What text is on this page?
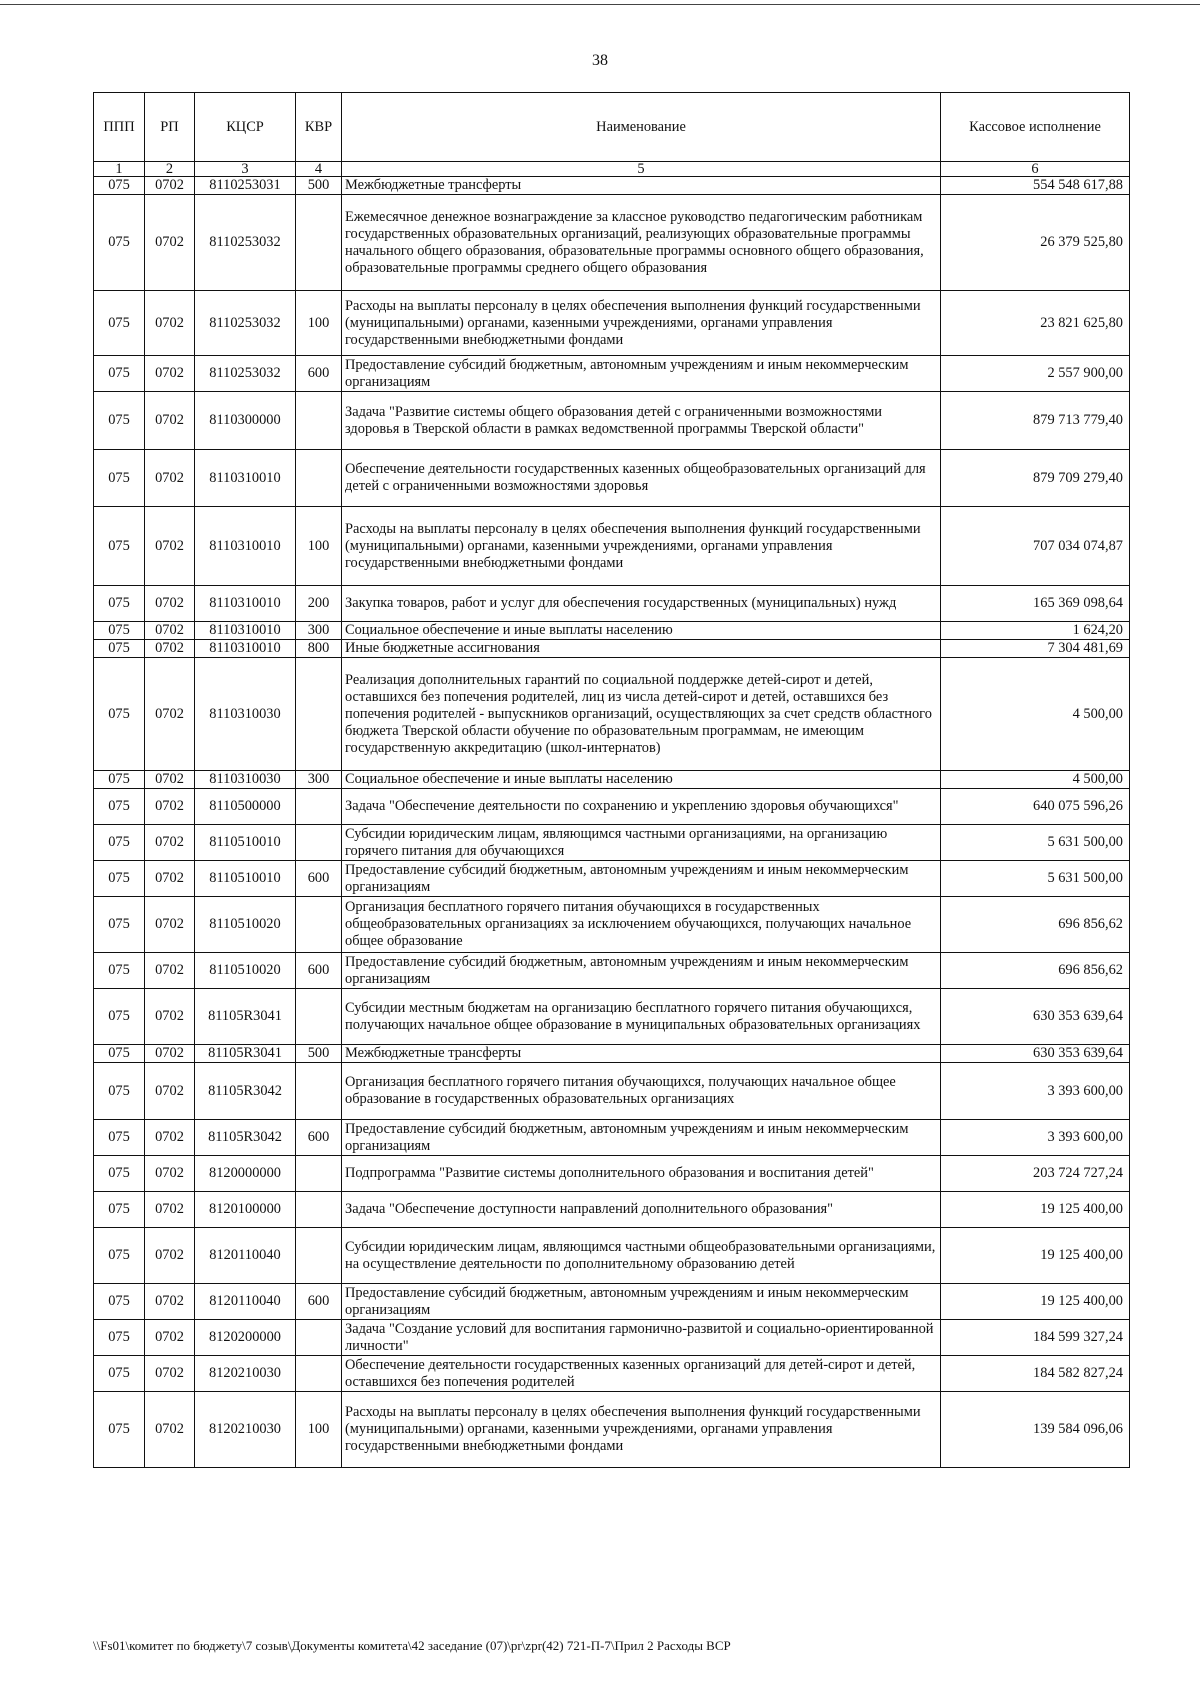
38
ППП	РП	КЦСР	КВР	Наименование	Кассовое исполнение
1	2	3	4	5	6
075	0702	8110253031	500	Межбюджетные трансферты	554 548 617,88
075	0702	8110253032		Ежемесячное денежное вознаграждение за классное руководство педагогическим работникам государственных образовательных организаций, реализующих образовательные программы начального общего образования, образовательные программы основного общего образования, образовательные программы среднего общего образования	26 379 525,80
075	0702	8110253032	100	Расходы на выплаты персоналу в целях обеспечения выполнения функций государственными (муниципальными) органами, казенными учреждениями, органами управления государственными внебюджетными фондами	23 821 625,80
075	0702	8110253032	600	Предоставление субсидий бюджетным, автономным учреждениям и иным некоммерческим организациям	2 557 900,00
075	0702	8110300000		Задача "Развитие системы общего образования детей с ограниченными возможностями здоровья в Тверской области в рамках ведомственной программы Тверской области"	879 713 779,40
075	0702	8110310010		Обеспечение деятельности государственных казенных общеобразовательных организаций для детей с ограниченными возможностями здоровья	879 709 279,40
075	0702	8110310010	100	Расходы на выплаты персоналу в целях обеспечения выполнения функций государственными (муниципальными) органами, казенными учреждениями, органами управления государственными внебюджетными фондами	707 034 074,87
075	0702	8110310010	200	Закупка товаров, работ и услуг для обеспечения государственных (муниципальных) нужд	165 369 098,64
075	0702	8110310010	300	Социальное обеспечение и иные выплаты населению	1 624,20
075	0702	8110310010	800	Иные бюджетные ассигнования	7 304 481,69
075	0702	8110310030		Реализация дополнительных гарантий по социальной поддержке детей-сирот и детей, оставшихся без попечения родителей, лиц из числа детей-сирот и детей, оставшихся без попечения родителей - выпускников организаций, осуществляющих за счет средств областного бюджета Тверской области обучение по образовательным программам, не имеющим государственную аккредитацию (школ-интернатов)	4 500,00
075	0702	8110310030	300	Социальное обеспечение и иные выплаты населению	4 500,00
075	0702	8110500000		Задача "Обеспечение деятельности по сохранению и укреплению здоровья обучающихся"	640 075 596,26
075	0702	8110510010		Субсидии юридическим лицам, являющимся частными организациями, на организацию горячего питания для обучающихся	5 631 500,00
075	0702	8110510010	600	Предоставление субсидий бюджетным, автономным учреждениям и иным некоммерческим организациям	5 631 500,00
075	0702	8110510020		Организация бесплатного горячего питания обучающихся в государственных общеобразовательных организациях за исключением обучающихся, получающих начальное общее образование	696 856,62
075	0702	8110510020	600	Предоставление субсидий бюджетным, автономным учреждениям и иным некоммерческим организациям	696 856,62
075	0702	81105R3041		Субсидии местным бюджетам на организацию бесплатного горячего питания обучающихся, получающих начальное общее образование в муниципальных образовательных организациях	630 353 639,64
075	0702	81105R3041	500	Межбюджетные трансферты	630 353 639,64
075	0702	81105R3042		Организация бесплатного горячего питания обучающихся, получающих начальное общее образование в государственных образовательных организациях	3 393 600,00
075	0702	81105R3042	600	Предоставление субсидий бюджетным, автономным учреждениям и иным некоммерческим организациям	3 393 600,00
075	0702	8120000000		Подпрограмма "Развитие системы дополнительного образования и воспитания детей"	203 724 727,24
075	0702	8120100000		Задача "Обеспечение доступности направлений дополнительного образования"	19 125 400,00
075	0702	8120110040		Субсидии юридическим лицам, являющимся частными общеобразовательными организациями, на осуществление деятельности по дополнительному образованию детей	19 125 400,00
075	0702	8120110040	600	Предоставление субсидий бюджетным, автономным учреждениям и иным некоммерческим организациям	19 125 400,00
075	0702	8120200000		Задача "Создание условий для воспитания гармонично-развитой и социально-ориентированной личности"	184 599 327,24
075	0702	8120210030		Обеспечение деятельности государственных казенных организаций для детей-сирот и детей, оставшихся без попечения родителей	184 582 827,24
075	0702	8120210030	100	Расходы на выплаты персоналу в целях обеспечения выполнения функций государственными (муниципальными) органами, казенными учреждениями, органами управления государственными внебюджетными фондами	139 584 096,06
\\Fs01\комитет по бюджету\7 созыв\Документы комитета\42 заседание (07)\pr\zpr(42) 721-П-7\Прил 2 Расходы ВСР
